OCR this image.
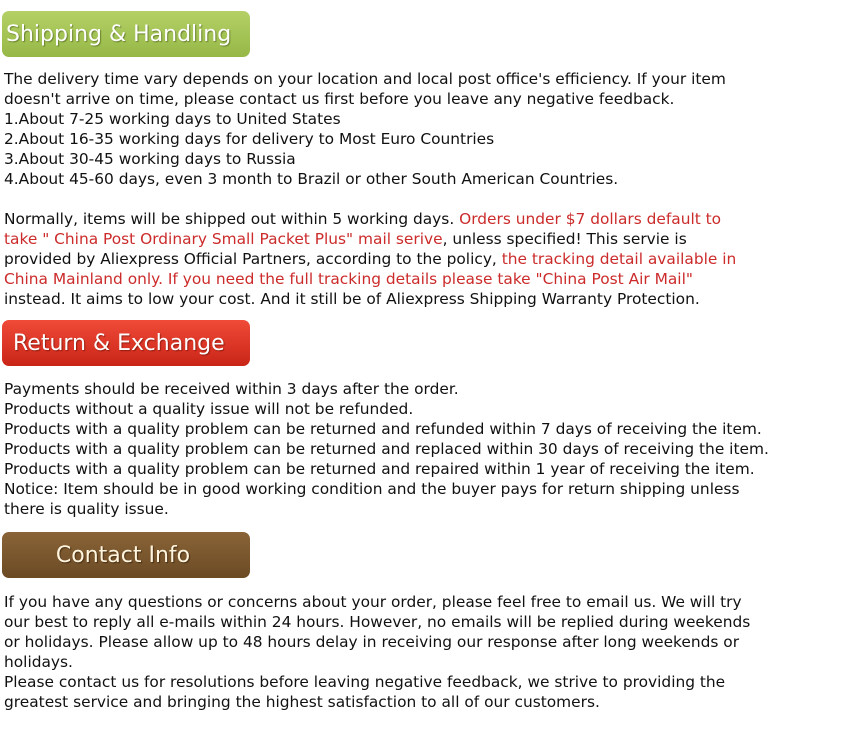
Shipping & Handling
The delivery time vary depends on your location and local post office's efficiency. If your item
doesn't arrive on time, please contact us first before you leave any negative feedback.
1.About 7-25 working days to United States
2.About 16-35 working days for delivery to Most Euro Countries
3.About 30-45 working days to Russia
4.About 45-60 days, even 3 month to Brazil or other South American Countries.
Normally, items will be shipped out within 5 working days. Orders under $7 dollars default to
take " China Post Ordinary Small Packet Plus" mail serive, unless specified! This servie is
provided by Aliexpress Official Partners, according to the policy, the tracking detail available in
China Mainland only. If you need the full tracking details please take "China Post Air Mail"
instead. It aims to low your cost. And it still be of Aliexpress Shipping Warranty Protection.
Return & Exchange
Payments should be received within 3 days after the order.
Products without a quality issue will not be refunded.
Products with a quality problem can be returned and refunded within 7 days of receiving the item.
Products with a quality problem can be returned and replaced within 30 days of receiving the item.
Products with a quality problem can be returned and repaired within 1 year of receiving the item.
Notice: Item should be in good working condition and the buyer pays for return shipping unless
there is quality issue.
Contact Info
If you have any questions or concerns about your order, please feel free to email us. We will try
our best to reply all e-mails within 24 hours. However, no emails will be replied during weekends
or holidays. Please allow up to 48 hours delay in receiving our response after long weekends or
holidays.
Please contact us for resolutions before leaving negative feedback, we strive to providing the
greatest service and bringing the highest satisfaction to all of our customers.
